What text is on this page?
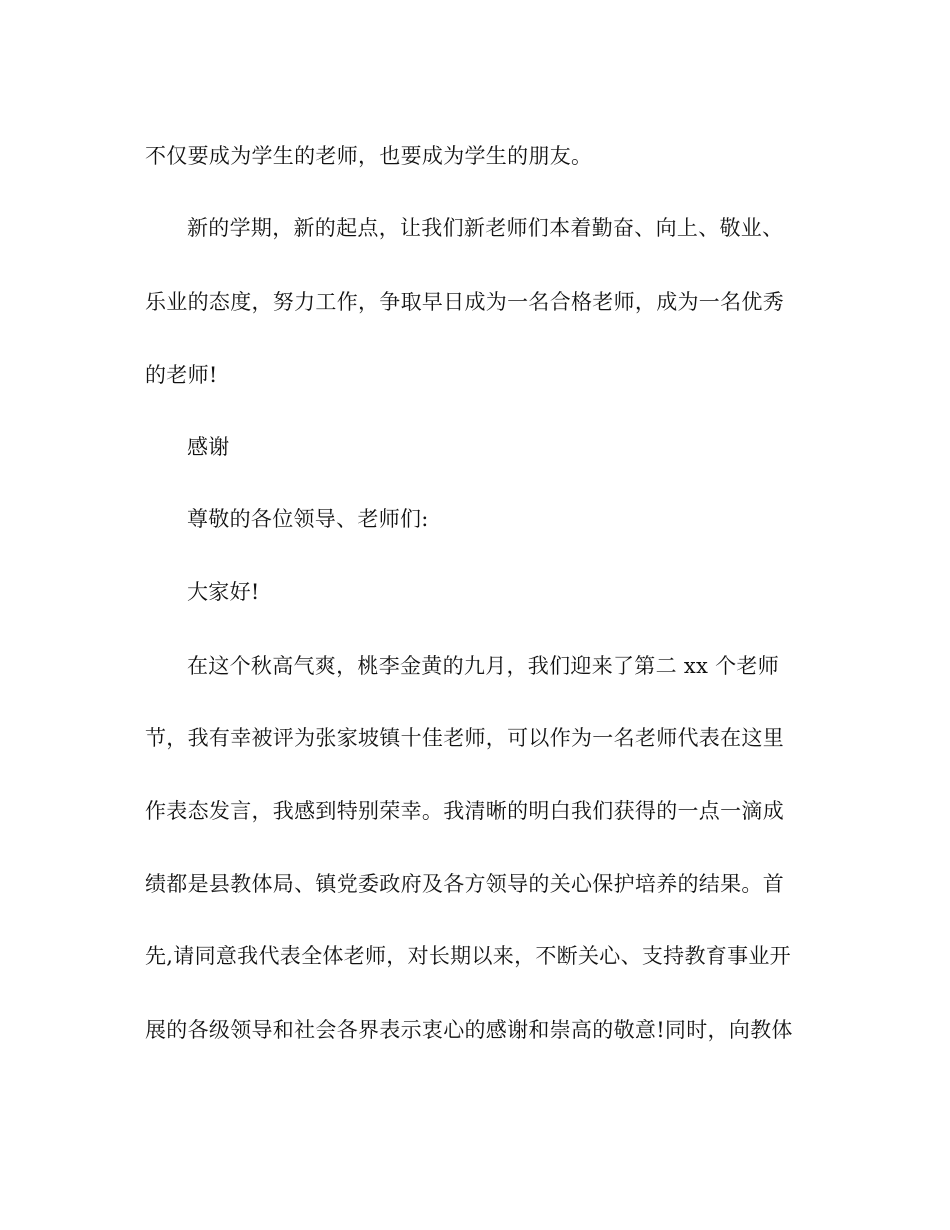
不仅要成为学生的老师，也要成为学生的朋友。
新的学期，新的起点，让我们新老师们本着勤奋、向上、敬业、
乐业的态度，努力工作，争取早日成为一名合格老师，成为一名优秀
的老师!
感谢
尊敬的各位领导、老师们:
大家好!
在这个秋高气爽，桃李金黄的九月，我们迎来了第二 xx 个老师
节，我有幸被评为张家坡镇十佳老师，可以作为一名老师代表在这里
作表态发言，我感到特别荣幸。我清晰的明白我们获得的一点一滴成
绩都是县教体局、镇党委政府及各方领导的关心保护培养的结果。首
先,请同意我代表全体老师，对长期以来，不断关心、支持教育事业开
展的各级领导和社会各界表示衷心的感谢和崇高的敬意!同时，向教体
